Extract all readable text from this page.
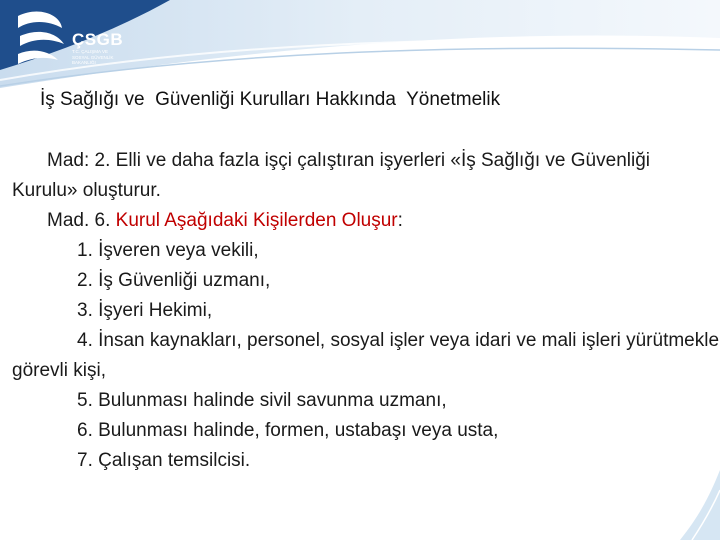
ÇSGB
T.C. ÇALIŞMA VE
SOSYAL GÜVENLİK
BAKANLIĞI
İş Sağlığı ve  Güvenliği Kurulları Hakkında  Yönetmelik

Mad: 2. Elli ve daha fazla işçi çalıştıran işyerleri «İş Sağlığı ve Güvenliği Kurulu» oluşturur.

Mad. 6. Kurul Aşağıdaki Kişilerden Oluşur:

1. İşveren veya vekili,
2. İş Güvenliği uzmanı,
3. İşyeri Hekimi,
4. İnsan kaynakları, personel, sosyal işler veya idari ve mali işleri yürütmekle görevli kişi,
5. Bulunması halinde sivil savunma uzmanı,
6. Bulunması halinde, formen, ustabaşı veya usta,
7. Çalışan temsilcisi.
